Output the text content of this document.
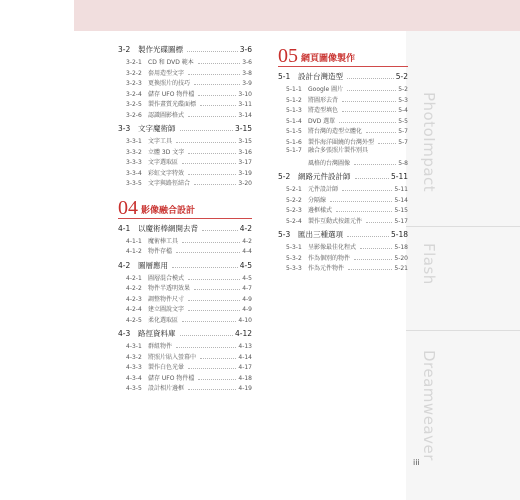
PhotoImpact
Flash
Dreamweaver
3-2	製作光碟圖標	3-6
3-2-1	CD 和 DVD 範本	3-6
3-2-2	套用造型文字	3-8
3-2-3	更換照片的技巧	3-9
3-2-4	儲存 UFO 物件檔	3-10
3-2-5	製作畫質光碟面標	3-11
3-2-6	認識圖影格式	3-14
3-3	文字魔術師	3-15
3-3-1	文字工具	3-15
3-3-2	立體 3D 文字	3-16
3-3-3	文字選取區	3-17
3-3-4	彩虹文字特效	3-19
3-3-5	文字與路徑結合	3-20
04 影像融合設計
4-1	以魔術棒網開去背	4-2
4-1-1	魔術棒工具	4-2
4-1-2	物件存檔	4-4
4-2	圖層應用	4-5
4-2-1	圖層混合模式	4-5
4-2-2	物件半透明效果	4-7
4-2-3	調整物件尺寸	4-9
4-2-4	建立圖說文字	4-9
4-2-5	柔化選取區	4-10
4-3	路徑資料庫	4-12
4-3-1	群組物件	4-13
4-3-2	將照片貼入螢幕中	4-14
4-3-3	製作白色光暈	4-17
4-3-4	儲存 UFO 物件檔	4-18
4-3-5	設計相片邊框	4-19
05 網頁圖像製作
5-1	設計台灣造型	5-2
5-1-1	Google 圖片	5-2
5-1-2	將圖形去背	5-3
5-1-3	將造型填色	5-4
5-1-4	DVD 選單	5-5
5-1-5	將台灣的造型立體化	5-7
5-1-6	製作海洋圍繞的台灣外型	5-7
5-1-7	融合多張照片製作別具
風格的台灣圖像	5-8
5-2	網路元件設計師	5-11
5-2-1	元件設計師	5-11
5-2-2	分隔線	5-14
5-2-3	邊框樣式	5-15
5-2-4	製作互動式按鈕元件	5-17
5-3	匯出三種選項	5-18
5-3-1	呈影像最佳化程式	5-18
5-3-2	作為個別的物件	5-20
5-3-3	作為元件物件	5-21
iii
